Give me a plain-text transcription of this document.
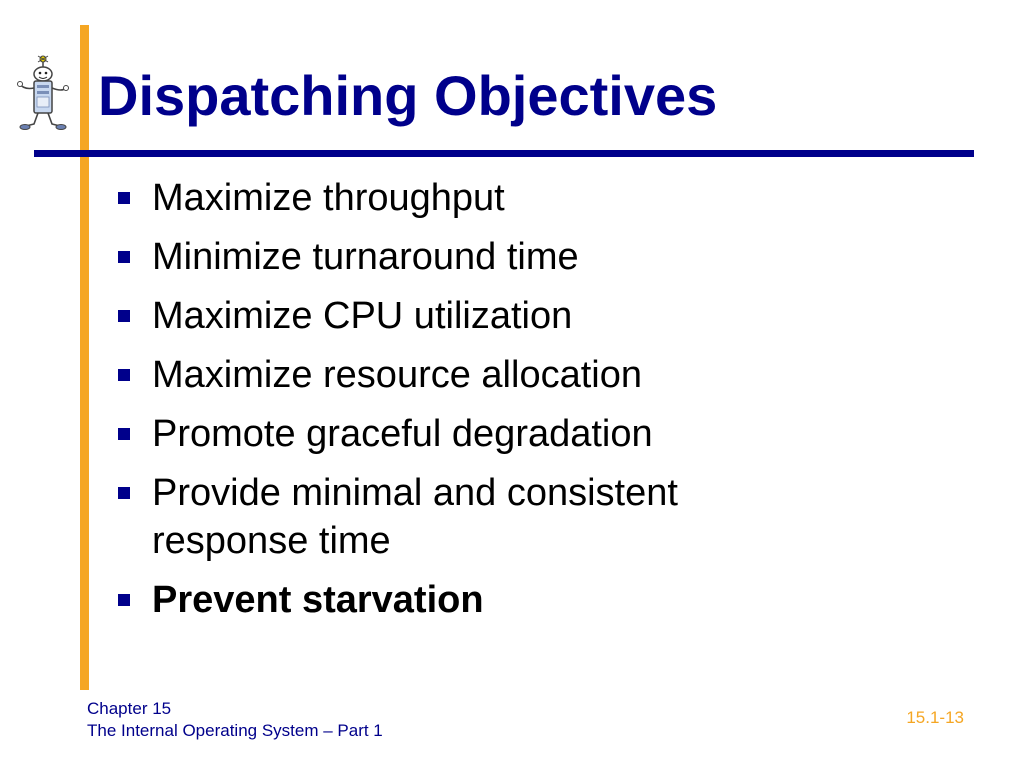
Dispatching Objectives
Maximize throughput
Minimize turnaround time
Maximize CPU utilization
Maximize resource allocation
Promote graceful degradation
Provide minimal and consistent response time
Prevent starvation
Chapter 15
The Internal Operating System – Part 1
15.1-13
